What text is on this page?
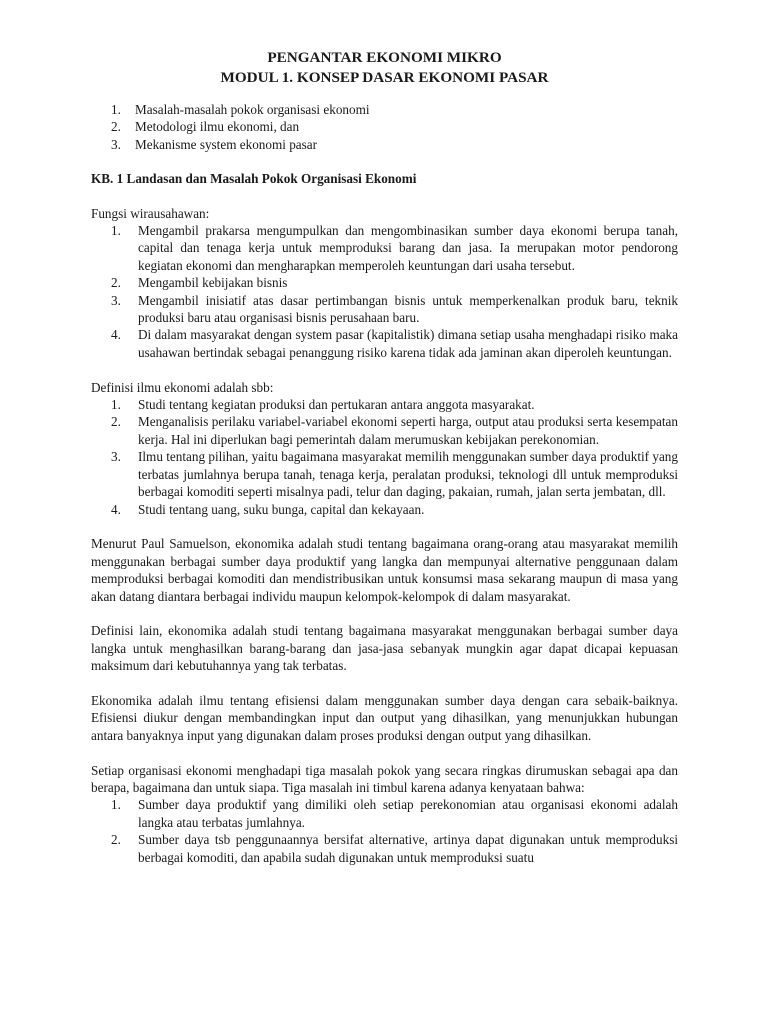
PENGANTAR EKONOMI MIKRO

MODUL 1. KONSEP DASAR EKONOMI PASAR

1.	Masalah-masalah pokok organisasi ekonomi
2.	Metodologi ilmu ekonomi, dan
3.	Mekanisme system ekonomi pasar

KB. 1 Landasan dan Masalah Pokok Organisasi Ekonomi

Fungsi wirausahawan:

1.	Mengambil prakarsa mengumpulkan dan mengombinasikan sumber daya ekonomi berupa tanah, capital dan tenaga kerja untuk memproduksi barang dan jasa. Ia merupakan motor pendorong kegiatan ekonomi dan mengharapkan memperoleh keuntungan dari usaha tersebut.
2.	Mengambil kebijakan bisnis
3.	Mengambil inisiatif atas dasar pertimbangan bisnis untuk memperkenalkan produk baru, teknik produksi baru atau organisasi bisnis perusahaan baru.
4.	Di dalam masyarakat dengan system pasar (kapitalistik) dimana setiap usaha menghadapi risiko maka usahawan bertindak sebagai penanggung risiko karena tidak ada jaminan akan diperoleh keuntungan.

Definisi ilmu ekonomi adalah sbb:

1.	Studi tentang kegiatan produksi dan pertukaran antara anggota masyarakat.
2.	Menganalisis perilaku variabel-variabel ekonomi seperti harga, output atau produksi serta kesempatan kerja. Hal ini diperlukan bagi pemerintah dalam merumuskan kebijakan perekonomian.
3.	Ilmu tentang pilihan, yaitu bagaimana masyarakat memilih menggunakan sumber daya produktif yang terbatas jumlahnya berupa tanah, tenaga kerja, peralatan produksi, teknologi dll untuk memproduksi berbagai komoditi seperti misalnya padi, telur dan daging, pakaian, rumah, jalan serta jembatan, dll.
4.	Studi tentang uang, suku bunga, capital dan kekayaan.

Menurut Paul Samuelson, ekonomika adalah studi tentang bagaimana orang-orang atau masyarakat memilih menggunakan berbagai sumber daya produktif yang langka dan mempunyai alternative penggunaan dalam memproduksi berbagai komoditi dan mendistribusikan untuk konsumsi masa sekarang maupun di masa yang akan datang diantara berbagai individu maupun kelompok-kelompok di dalam masyarakat.

Definisi lain, ekonomika adalah studi tentang bagaimana masyarakat menggunakan berbagai sumber daya langka untuk menghasilkan barang-barang dan jasa-jasa sebanyak mungkin agar dapat dicapai kepuasan maksimum dari kebutuhannya yang tak terbatas.

Ekonomika adalah ilmu tentang efisiensi dalam menggunakan sumber daya dengan cara sebaik-baiknya. Efisiensi diukur dengan membandingkan input dan output yang dihasilkan, yang menunjukkan hubungan antara banyaknya input yang digunakan dalam proses produksi dengan output yang dihasilkan.

Setiap organisasi ekonomi menghadapi tiga masalah pokok yang secara ringkas dirumuskan sebagai apa dan berapa, bagaimana dan untuk siapa. Tiga masalah ini timbul karena adanya kenyataan bahwa:

1.	Sumber daya produktif yang dimiliki oleh setiap perekonomian atau organisasi ekonomi adalah langka atau terbatas jumlahnya.
2.	Sumber daya tsb penggunaannya bersifat alternative, artinya dapat digunakan untuk memproduksi berbagai komoditi, dan apabila sudah digunakan untuk memproduksi suatu
